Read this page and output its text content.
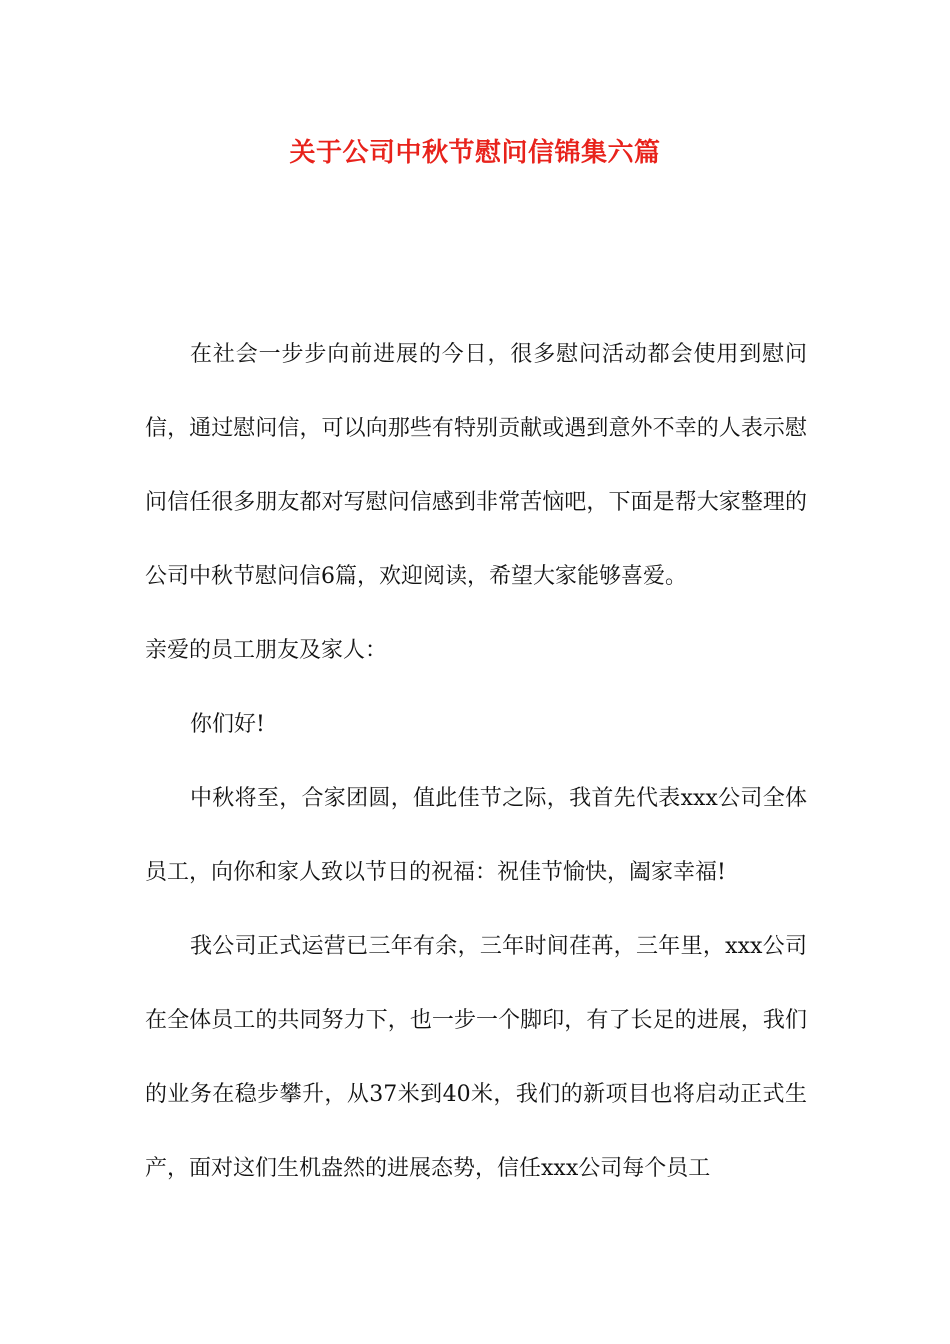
关于公司中秋节慰问信锦集六篇

在社会一步步向前进展的今日，很多慰问活动都会使用到慰问信，通过慰问信，可以向那些有特别贡献或遇到意外不幸的人表示慰问信任很多朋友都对写慰问信感到非常苦恼吧，下面是帮大家整理的公司中秋节慰问信6篇，欢迎阅读，希望大家能够喜爱。

亲爱的员工朋友及家人：

你们好!

中秋将至，合家团圆，值此佳节之际，我首先代表xxx公司全体员工，向你和家人致以节日的祝福：祝佳节愉快，阖家幸福!

我公司正式运营已三年有余，三年时间荏苒，三年里，xxx公司在全体员工的共同努力下，也一步一个脚印，有了长足的进展，我们的业务在稳步攀升，从37米到40米，我们的新项目也将启动正式生产，面对这们生机盎然的进展态势，信任xxx公司每个员工
